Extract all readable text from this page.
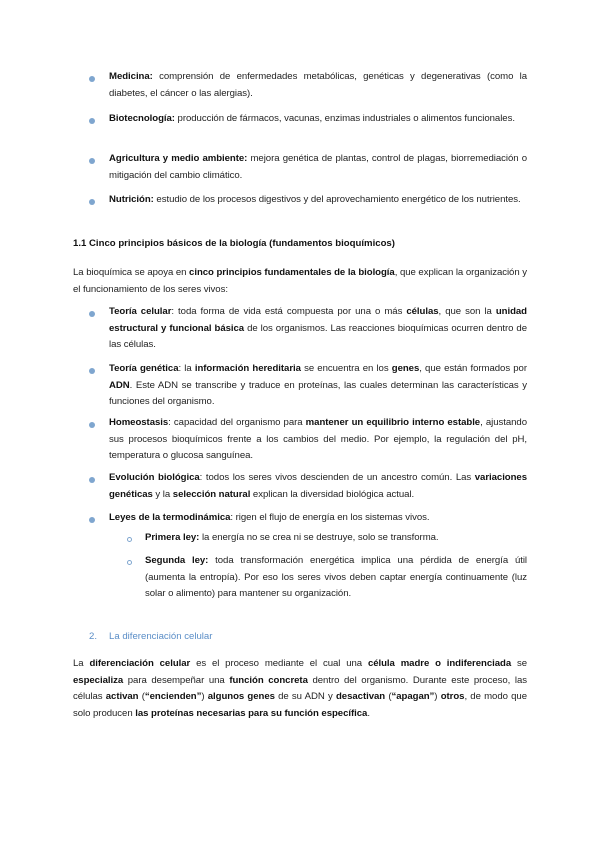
Medicina: comprensión de enfermedades metabólicas, genéticas y degenerativas (como la diabetes, el cáncer o las alergias).
Biotecnología: producción de fármacos, vacunas, enzimas industriales o alimentos funcionales.
Agricultura y medio ambiente: mejora genética de plantas, control de plagas, biorremediación o mitigación del cambio climático.
Nutrición: estudio de los procesos digestivos y del aprovechamiento energético de los nutrientes.
1.1 Cinco principios básicos de la biología (fundamentos bioquímicos)
La bioquímica se apoya en cinco principios fundamentales de la biología, que explican la organización y el funcionamiento de los seres vivos:
Teoría celular: toda forma de vida está compuesta por una o más células, que son la unidad estructural y funcional básica de los organismos. Las reacciones bioquímicas ocurren dentro de las células.
Teoría genética: la información hereditaria se encuentra en los genes, que están formados por ADN. Este ADN se transcribe y traduce en proteínas, las cuales determinan las características y funciones del organismo.
Homeostasis: capacidad del organismo para mantener un equilibrio interno estable, ajustando sus procesos bioquímicos frente a los cambios del medio. Por ejemplo, la regulación del pH, temperatura o glucosa sanguínea.
Evolución biológica: todos los seres vivos descienden de un ancestro común. Las variaciones genéticas y la selección natural explican la diversidad biológica actual.
Leyes de la termodinámica: rigen el flujo de energía en los sistemas vivos.
Primera ley: la energía no se crea ni se destruye, solo se transforma.
Segunda ley: toda transformación energética implica una pérdida de energía útil (aumenta la entropía). Por eso los seres vivos deben captar energía continuamente (luz solar o alimento) para mantener su organización.
2. La diferenciación celular
La diferenciación celular es el proceso mediante el cual una célula madre o indiferenciada se especializa para desempeñar una función concreta dentro del organismo. Durante este proceso, las células activan (“encienden”) algunos genes de su ADN y desactivan (“apagan”) otros, de modo que solo producen las proteínas necesarias para su función específica.
